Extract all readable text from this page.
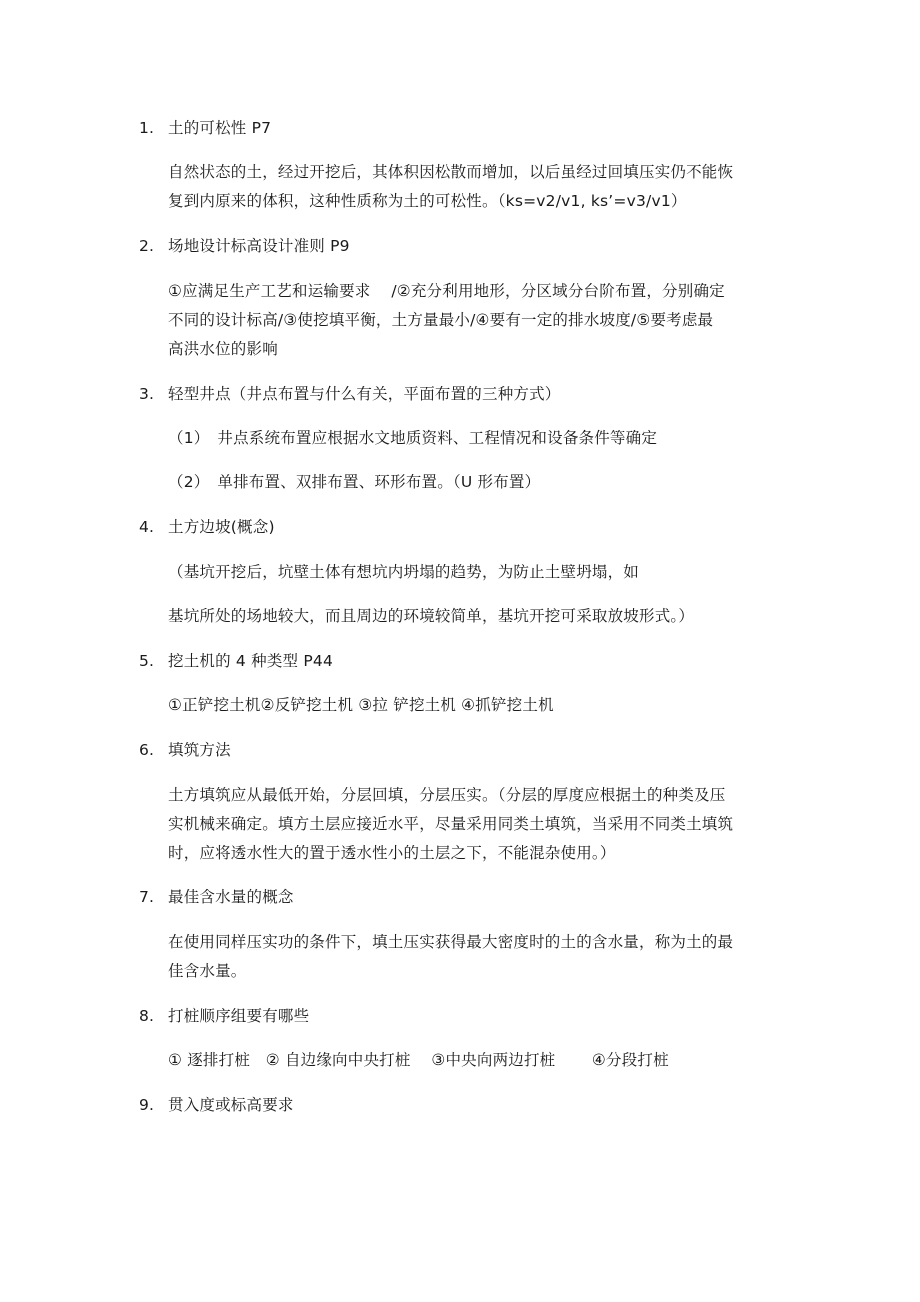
1. 土的可松性 P7
自然状态的土，经过开挖后，其体积因松散而增加，以后虽经过回填压实仍不能恢
复到内原来的体积，这种性质称为土的可松性。（ks=v2/v1, ks’=v3/v1）
2. 场地设计标高设计准则 P9
①应满足生产工艺和运输要求 　/②充分利用地形，分区域分台阶布置，分别确定
不同的设计标高/③使挖填平衡，土方量最小/④要有一定的排水坡度/⑤要考虑最
高洪水位的影响
3. 轻型井点（井点布置与什么有关，平面布置的三种方式）
（1）　井点系统布置应根据水文地质资料、工程情况和设备条件等确定
（2）　单排布置、双排布置、环形布置。（U 形布置）
4. 土方边坡(概念)
（基坑开挖后，坑壁土体有想坑内坍塌的趋势，为防止土壁坍塌，如
基坑所处的场地较大，而且周边的环境较简单，基坑开挖可采取放坡形式。）
5. 挖土机的 4 种类型 P44
①正铲挖土机②反铲挖土机 ③拉 铲挖土机 ④抓铲挖土机
6. 填筑方法
土方填筑应从最低开始，分层回填，分层压实。（分层的厚度应根据土的种类及压
实机械来确定。填方土层应接近水平，尽量采用同类土填筑，当采用不同类土填筑
时，应将透水性大的置于透水性小的土层之下，不能混杂使用。）
7. 最佳含水量的概念
在使用同样压实功的条件下，填土压实获得最大密度时的土的含水量，称为土的最
佳含水量。
8. 打桩顺序组要有哪些
① 逐排打桩　② 自边缘向中央打桩　 ③中央向两边打桩　 　④分段打桩
9. 贯入度或标高要求
